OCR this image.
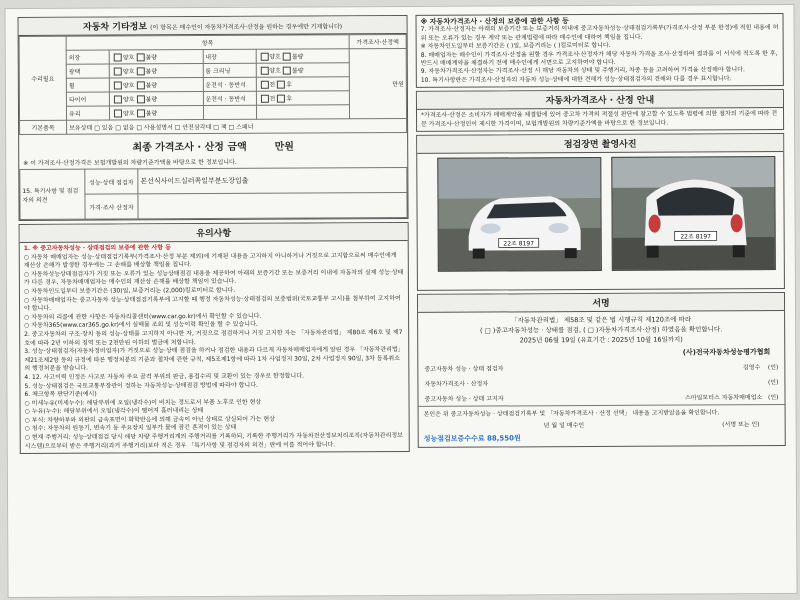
자동차 기타정보 (이 항목은 매수인이 자동차가격조사·산정을 원하는 경우에만 기재합니다)
수리필요	항목				가격조사·산정액
	외장	양호 불량	내장	양호 불량	만원
	광택	양호 불량	룸 크리닝	양호 불량	
	휠	양호 불량	운전석 · 동반석	전 후	
	타이어	양호 불량	운전석 · 동반석	전 후	
	유리	양호 불량			
기본품목	보유상태 □ 있음 □ 없음 □ 사용설명서 □ 안전삼각대 □ 잭 □ 스패너				
최종 가격조사 · 산정 금액	만원
※ 이 가격조사·산정가격은 보험개발원의 차량기준가액을 바탕으로 한 정보입니다.
15. 특기사항 및 점검자의 의견	성능·상태 점검자	본선식사이드실러쪽일부분도장입출
	가격·조사 산정자	
유의사항

1. ※ 중고자동차성능 · 상태점검의 보증에 관한 사항 등

○ 자동차 매매업자는 성능·상태점검기록부(가격조사·산정 부분 제외)에 기재된 내용을 고지하지 아니하거나 거짓으로 고지함으로써 매수인에게 재산상 손해가 발생한 경우에는 그 손해를 배상할 책임을 집니다.

○ 자동차성능상태점검자가 거짓 또는 오류가 있는 성능상태점검 내용을 제공하여 아래의 보증기간 또는 보증거리 이내에 자동차의 실제 성능·상태가 다른 경우, 자동차매매업자는 매수인의 재산상 손해를 배상할 책임이 있습니다.

○ 자동차인도일부터 보증기간은 (30)일, 보증거리는 (2,000)킬로미터로 합니다.

○ 자동차매매업자는 중고자동차 성능·상태점검기록부에 고지할 때 행정 자동차성능·상태점검의 보증범위(국토교통부 고시)를 첨부하여 고지하여야 합니다.

○ 자동차의 리콜에 관한 사항은 자동차리콜센터(www.car.go.kr)에서 확인할 수 있습니다.

○ 자동차365(www.car365.go.kr)에서 실매물 조회 및 성능이력 확인을 할 수 있습니다.

2. 중고자동차의 구조·장치 등의 성능·상태를 고지하지 아니한 자, 거짓으로 점검하거나 거짓 고지한 자는 「자동차관리법」 제80조 제6호 및 제7호에 따라 2년 이하의 징역 또는 2천만원 이하의 벌금에 처합니다.

3. 성능·상태점검자(자동차정비업자)가 거짓으로 성능·상태 점검을 하거나 점검한 내용과 다르게 자동차매매업자에게 알린 경우 「자동차관리법」 제21조제2항 등의 규정에 따른 행정처분의 기준과 절차에 관한 규칙, 제5조제1항에 따라 1차 사업정지 30일, 2차 사업정지 90일, 3차 등록취소의 행정처분을 받습니다.

4. 12. 사고이력 인정은 사고로 자동차 주요 골격 부위의 판금, 용접수리 및 교환이 있는 경우로 한정합니다.

5. 성능·상태점검은 국토교통부장관이 정하는 자동차성능·상태점검 방법에 따라야 합니다.

6. 체크항목 판단기준(예시)

○ 미세누유(미세누수): 해당부위에 오일(냉각수)이 비치는 정도로서 부품 노후로 인한 현상

○ 누유(누수): 해당부위에서 오일(냉각수)이 떨어져 흘러내리는 상태

○ 부식: 차량하부와 외판의 금속표면이 화학반응에 의해 금속이 아닌 상태로 상실되어 가는 현상

○ 침수: 자동차의 원동기, 변속기 등 주요장치 일부가 물에 잠긴 흔적이 있는 상태

○ 현재 주행거리: 성능·상태점검 당시 해당 차량 주행거리계의 주행거리를 기록하되, 기록한 주행거리가 자동차전산정보처리조직(자동차관리정보시스템)으로부터 받은 주행거리(과거 주행거리)보다 적은 경우 「특기사항 및 점검자의 의견」란에 이를 적어야 합니다.

※ 자동차가격조사 · 산정의 보증에 관한 사항 등

7. 가격조사·산정자는 아래의 보증기간 또는 보증거리 이내에 중고자동차성능·상태점검기록부(가격조사·산정 부분 한정)에 적힌 내용에 허위 또는 오류가 있는 경우 계약 또는 관계법령에 따라 매수인에 대하여 책임을 집니다.

※ 자동차인도일부터 보증기간은 ( )일, 보증거리는 ( )킬로미터로 합니다.

8. 매매업자는 매수인이 가격조사·산정을 원할 경우 가격조사·산정자가 해당 자동차 가격을 조사·산정하여 결과를 이 서식에 적도록 한 후, 반드시 매매계약을 체결하기 전에 매수인에게 서면으로 고지하여야 합니다.

9. 자동차가격조사·산정자는 가격조사·산정 시 해당 자동차의 상태 및 주행거리, 차종 등을 고려하여 가격을 산정해야 합니다.

10. 특기사항란은 가격조사·산정자의 자동차 성능·상태에 대한 견해가 성능·상태점검자의 견해와 다를 경우 표시합니다.

자동차가격조사 · 산정 안내
*가격조사·산정은 소비자가 매매계약을 체결함에 있어 중고차 가격의 적절성 판단에 참고할 수 있도록 법령에 의한 절차의 기준에 따라 전문 가격조사·산정인이 제시한 가격이며, 보험개발원의 차량기준가액을 바탕으로 한 정보입니다.
점검장면 촬영사진
22조 8197
22조 8197
서명
「자동차관리법」 제58조 및 같은 법 시행규칙 제120조에 따라
( □ )중고자동차성능 · 상태를 점검, ( □ )자동차가격조사·산정) 하였음을 확인합니다.
2025년 06월 19일 (유효기간 : 2025년 10월 16일까지)
(사)전국자동차성능평가협회
중고자동차 성능 · 상태 점검자	김영수 (인)
자동차가격조사 · 산정자	(인)
중고자동차 성능 · 상태 고지자	스마일모터스 자동차매매업소 (인)
본인은 위 중고자동차성능 · 상태점검기록부 및 「자동차가격조사 · 산정 선택」 내용을 고지받았음을 확인합니다.
년 월 일 매수인	(서명 또는 인)
성능점검보증수수료 88,550원
